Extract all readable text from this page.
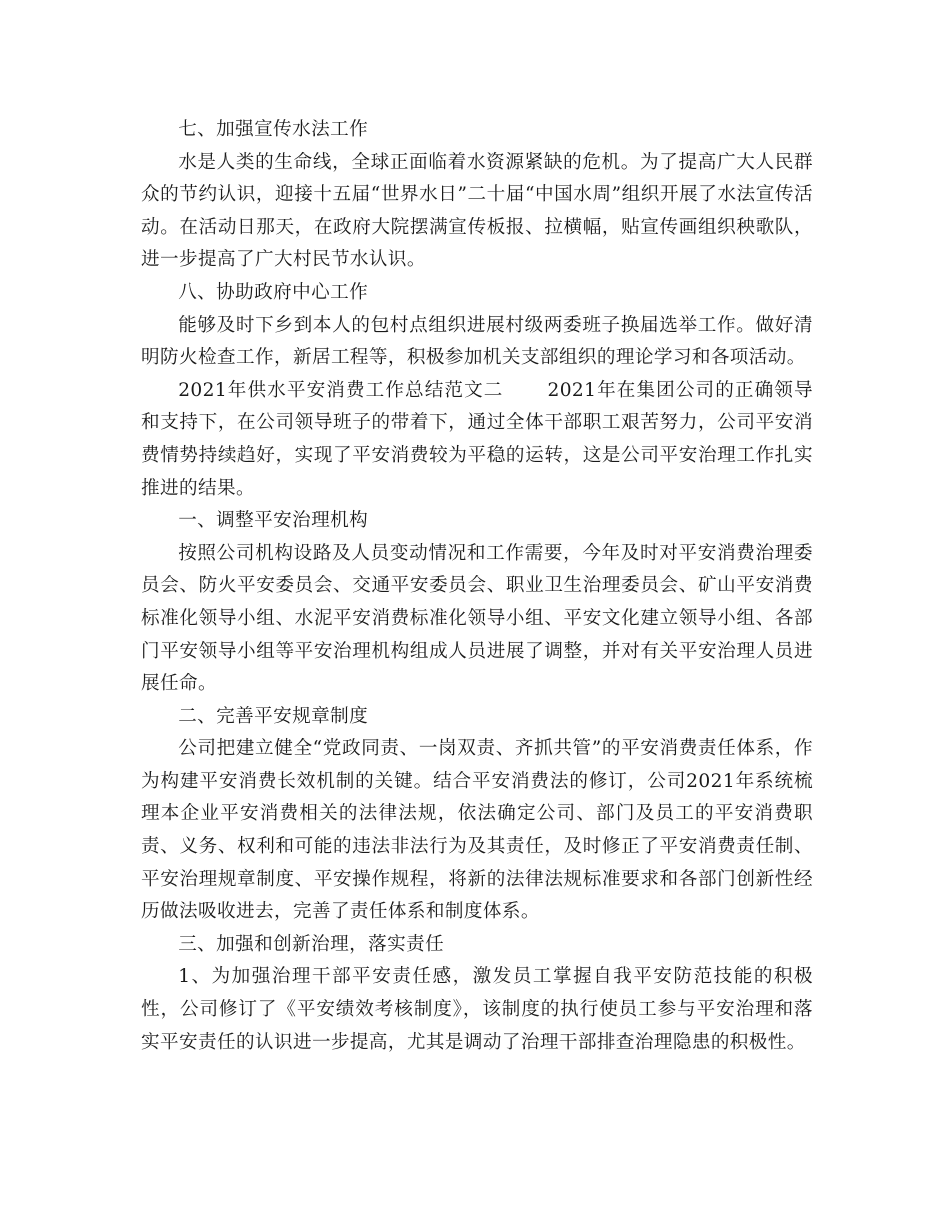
七、加强宣传水法工作

水是人类的生命线，全球正面临着水资源紧缺的危机。为了提高广大人民群众的节约认识，迎接十五届“世界水日”二十届“中国水周”组织开展了水法宣传活动。在活动日那天，在政府大院摆满宣传板报、拉横幅，贴宣传画组织秧歌队，进一步提高了广大村民节水认识。

八、协助政府中心工作

能够及时下乡到本人的包村点组织进展村级两委班子换届选举工作。做好清明防火检查工作，新居工程等，积极参加机关支部组织的理论学习和各项活动。

2021年供水平安消费工作总结范文二 2021年在集团公司的正确领导和支持下，在公司领导班子的带着下，通过全体干部职工艰苦努力，公司平安消费情势持续趋好，实现了平安消费较为平稳的运转，这是公司平安治理工作扎实推进的结果。

一、调整平安治理机构

按照公司机构设路及人员变动情况和工作需要，今年及时对平安消费治理委员会、防火平安委员会、交通平安委员会、职业卫生治理委员会、矿山平安消费标准化领导小组、水泥平安消费标准化领导小组、平安文化建立领导小组、各部门平安领导小组等平安治理机构组成人员进展了调整，并对有关平安治理人员进展任命。

二、完善平安规章制度

公司把建立健全“党政同责、一岗双责、齐抓共管”的平安消费责任体系，作为构建平安消费长效机制的关键。结合平安消费法的修订，公司2021年系统梳理本企业平安消费相关的法律法规，依法确定公司、部门及员工的平安消费职责、义务、权利和可能的违法非法行为及其责任，及时修正了平安消费责任制、平安治理规章制度、平安操作规程，将新的法律法规标准要求和各部门创新性经历做法吸收进去，完善了责任体系和制度体系。

三、加强和创新治理，落实责任

1、为加强治理干部平安责任感，激发员工掌握自我平安防范技能的积极性，公司修订了《平安绩效考核制度》，该制度的执行使员工参与平安治理和落实平安责任的认识进一步提高，尤其是调动了治理干部排查治理隐患的积极性。
